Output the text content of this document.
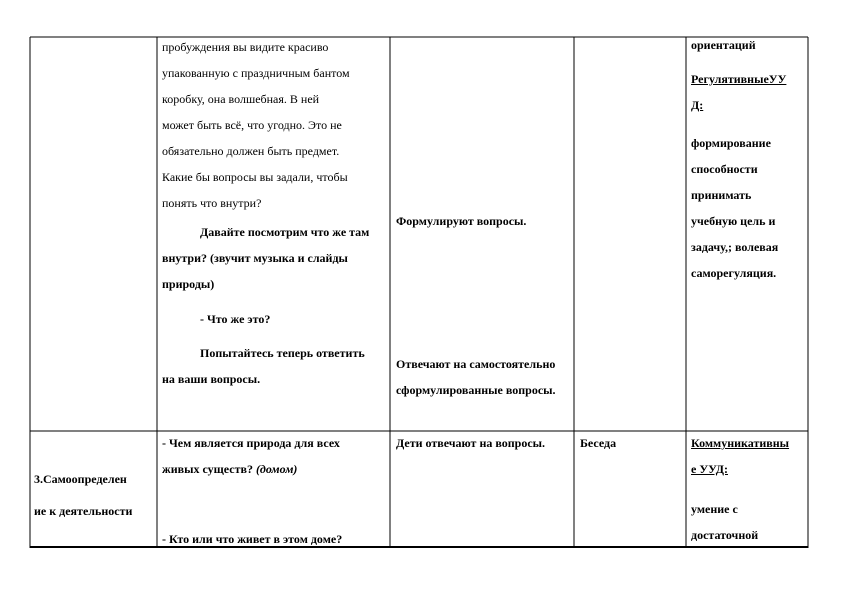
пробуждения вы видите красиво

упакованную с праздничным бантом

коробку, она волшебная. В ней

может быть всё, что угодно. Это не

обязательно должен быть предмет.

Какие бы вопросы вы задали, чтобы

понять что внутри?

Давайте посмотрим что же там

внутри? (звучит музыка и слайды

природы)

- Что же это?

Попытайтесь теперь ответить

на ваши вопросы.

Формулируют вопросы.

Отвечают на самостоятельно

сформулированные вопросы.

ориентаций

РегулятивныеУУ

Д:

формирование

способности

принимать

учебную цель и

задачу,; волевая

саморегуляция.

3.Самоопределен

ие к деятельности

- Чем является природа для всех

живых существ? (домом)

- Кто или что живет в этом доме?

Дети отвечают на вопросы.	Беседа	Коммуникативны

е УУД:

умение с

достаточной
